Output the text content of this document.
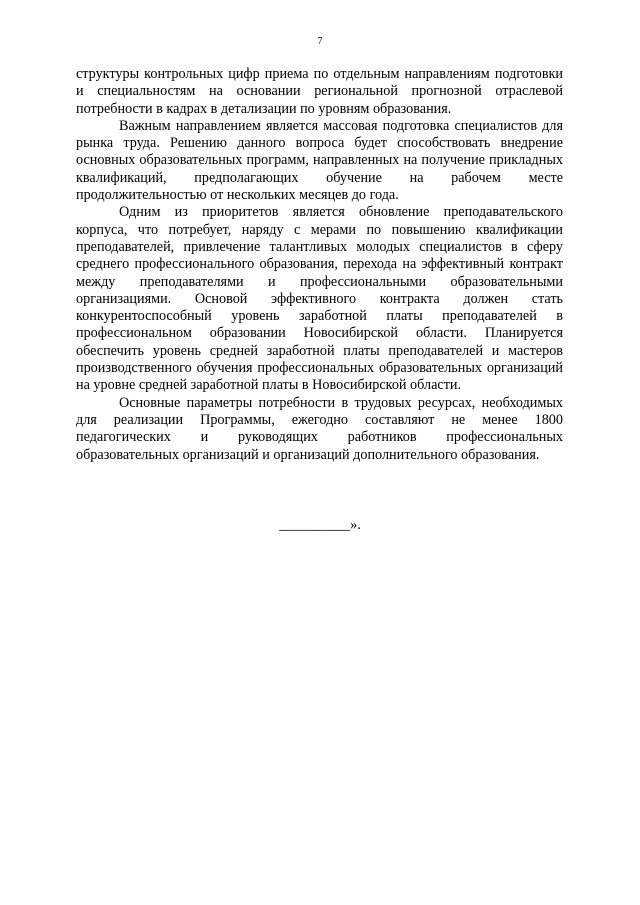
7

структуры контрольных цифр приема по отдельным направлениям подготовки и специальностям на основании региональной прогнозной отраслевой потребности в кадрах в детализации по уровням образования.

Важным направлением является массовая подготовка специалистов для рынка труда. Решению данного вопроса будет способствовать внедрение основных образовательных программ, направленных на получение прикладных квалификаций, предполагающих обучение на рабочем месте продолжительностью от нескольких месяцев до года.

Одним из приоритетов является обновление преподавательского корпуса, что потребует, наряду с мерами по повышению квалификации преподавателей, привлечение талантливых молодых специалистов в сферу среднего профессионального образования, перехода на эффективный контракт между преподавателями и профессиональными образовательными организациями. Основой эффективного контракта должен стать конкурентоспособный уровень заработной платы преподавателей в профессиональном образовании Новосибирской области. Планируется обеспечить уровень средней заработной платы преподавателей и мастеров производственного обучения профессиональных образовательных организаций на уровне средней заработной платы в Новосибирской области.

Основные параметры потребности в трудовых ресурсах, необходимых для реализации Программы, ежегодно составляют не менее 1800 педагогических и руководящих работников профессиональных образовательных организаций и организаций дополнительного образования.

__________».
